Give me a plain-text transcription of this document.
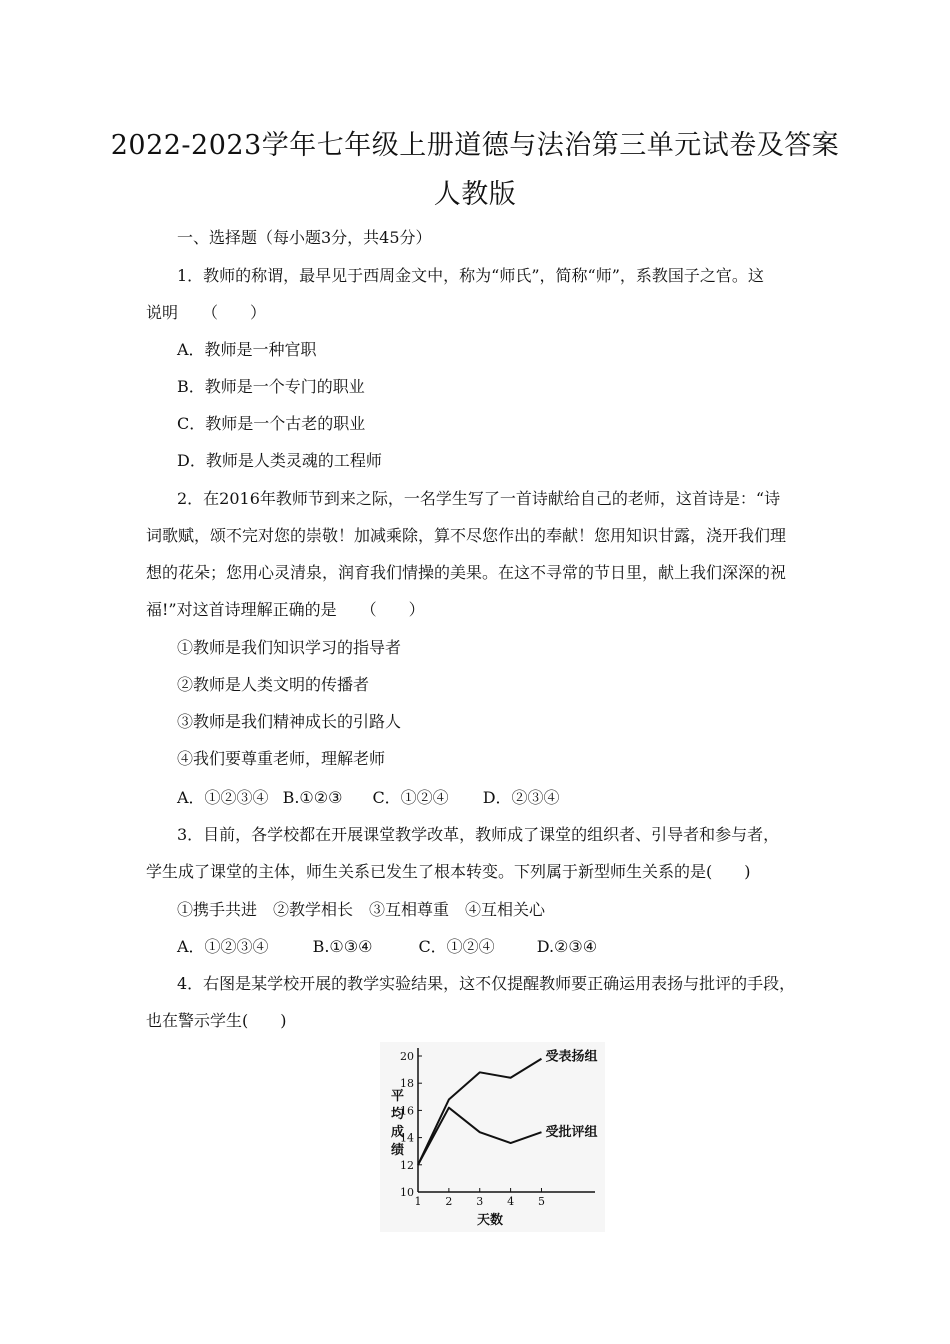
2022-2023学年七年级上册道德与法治第三单元试卷及答案
人教版
一、选择题（每小题3分，共45分）
1．教师的称谓，最早见于西周金文中，称为“师氏”，简称“师”，系教国子之官。这
说明　　（　　）
A．教师是一种官职
B．教师是一个专门的职业
C．教师是一个古老的职业
D．教师是人类灵魂的工程师
2．在2016年教师节到来之际，一名学生写了一首诗献给自己的老师，这首诗是：“诗
词歌赋，颂不完对您的崇敬！加减乘除，算不尽您作出的奉献！您用知识甘露，浇开我们理
想的花朵；您用心灵清泉，润育我们情操的美果。在这不寻常的节日里，献上我们深深的祝
福!”对这首诗理解正确的是　　（　　）
①教师是我们知识学习的指导者
②教师是人类文明的传播者
③教师是我们精神成长的引路人
④我们要尊重老师，理解老师
A．①②③④ B.①②③ C．①②④ D．②③④
3．目前，各学校都在开展课堂教学改革，教师成了课堂的组织者、引导者和参与者，
学生成了课堂的主体，师生关系已发生了根本转变。下列属于新型师生关系的是(　　)
①携手共进 ②教学相长 ③互相尊重 ④互相关心
A．①②③④	B.①③④	C．①②④	D.②③④
4．右图是某学校开展的教学实验结果，这不仅提醒教师要正确运用表扬与批评的手段，
也在警示学生(　　)
10
12
14
16
18
20
1 2 3 4 5
受表扬组
受批评组
平均成绩
天数
